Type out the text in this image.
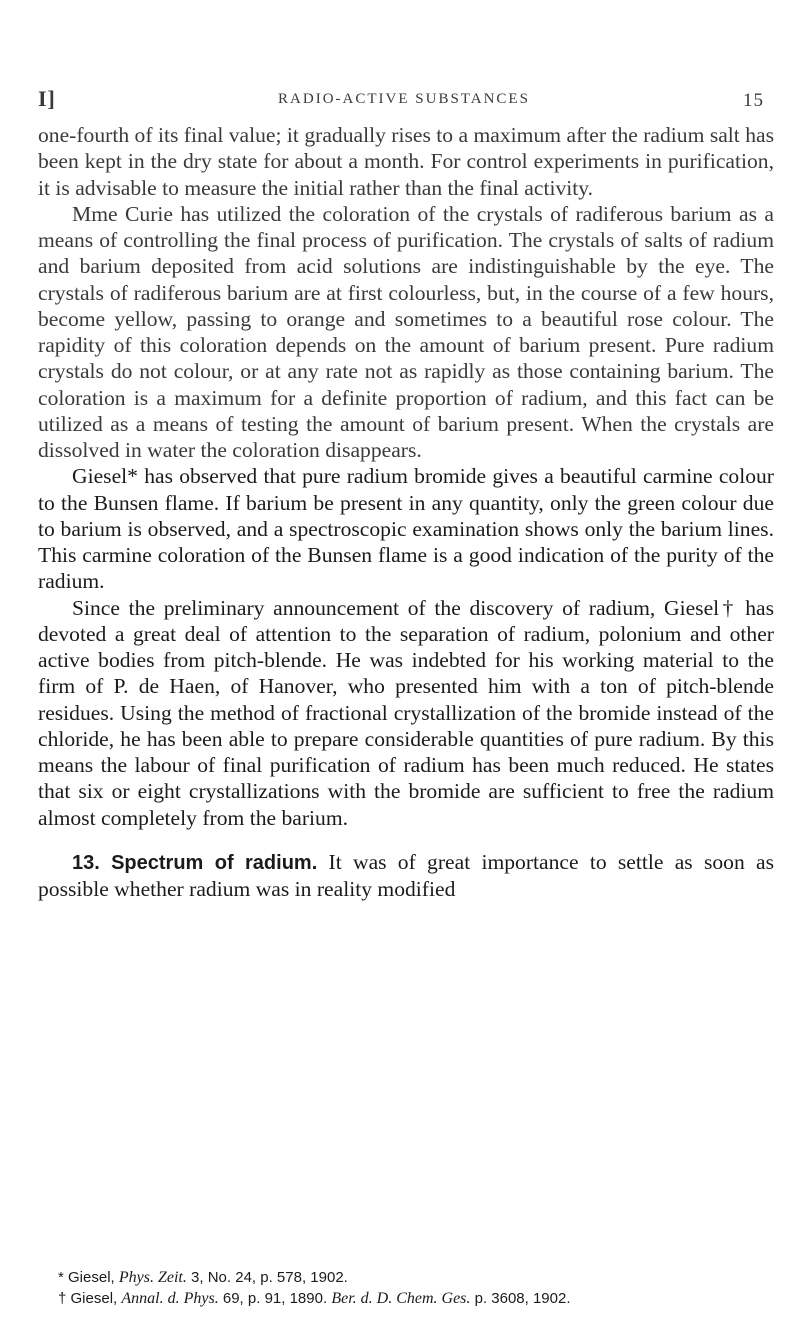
I]	RADIO-ACTIVE SUBSTANCES	15

one-fourth of its final value; it gradually rises to a maximum after the radium salt has been kept in the dry state for about a month. For control experiments in purification, it is advisable to measure the initial rather than the final activity.

Mme Curie has utilized the coloration of the crystals of radiferous barium as a means of controlling the final process of purification. The crystals of salts of radium and barium deposited from acid solutions are indistinguishable by the eye. The crystals of radiferous barium are at first colourless, but, in the course of a few hours, become yellow, passing to orange and sometimes to a beautiful rose colour. The rapidity of this coloration depends on the amount of barium present. Pure radium crystals do not colour, or at any rate not as rapidly as those containing barium. The coloration is a maximum for a definite proportion of radium, and this fact can be utilized as a means of testing the amount of barium present. When the crystals are dissolved in water the coloration disappears.

Giesel* has observed that pure radium bromide gives a beautiful carmine colour to the Bunsen flame. If barium be present in any quantity, only the green colour due to barium is observed, and a spectroscopic examination shows only the barium lines. This carmine coloration of the Bunsen flame is a good indication of the purity of the radium.

Since the preliminary announcement of the discovery of radium, Giesel† has devoted a great deal of attention to the separation of radium, polonium and other active bodies from pitch-blende. He was indebted for his working material to the firm of P. de Haen, of Hanover, who presented him with a ton of pitch-blende residues. Using the method of fractional crystallization of the bromide instead of the chloride, he has been able to prepare considerable quantities of pure radium. By this means the labour of final purification of radium has been much reduced. He states that six or eight crystallizations with the bromide are sufficient to free the radium almost completely from the barium.

13. Spectrum of radium. It was of great importance to settle as soon as possible whether radium was in reality modified

* Giesel, Phys. Zeit. 3, No. 24, p. 578, 1902.
† Giesel, Annal. d. Phys. 69, p. 91, 1890. Ber. d. D. Chem. Ges. p. 3608, 1902.
